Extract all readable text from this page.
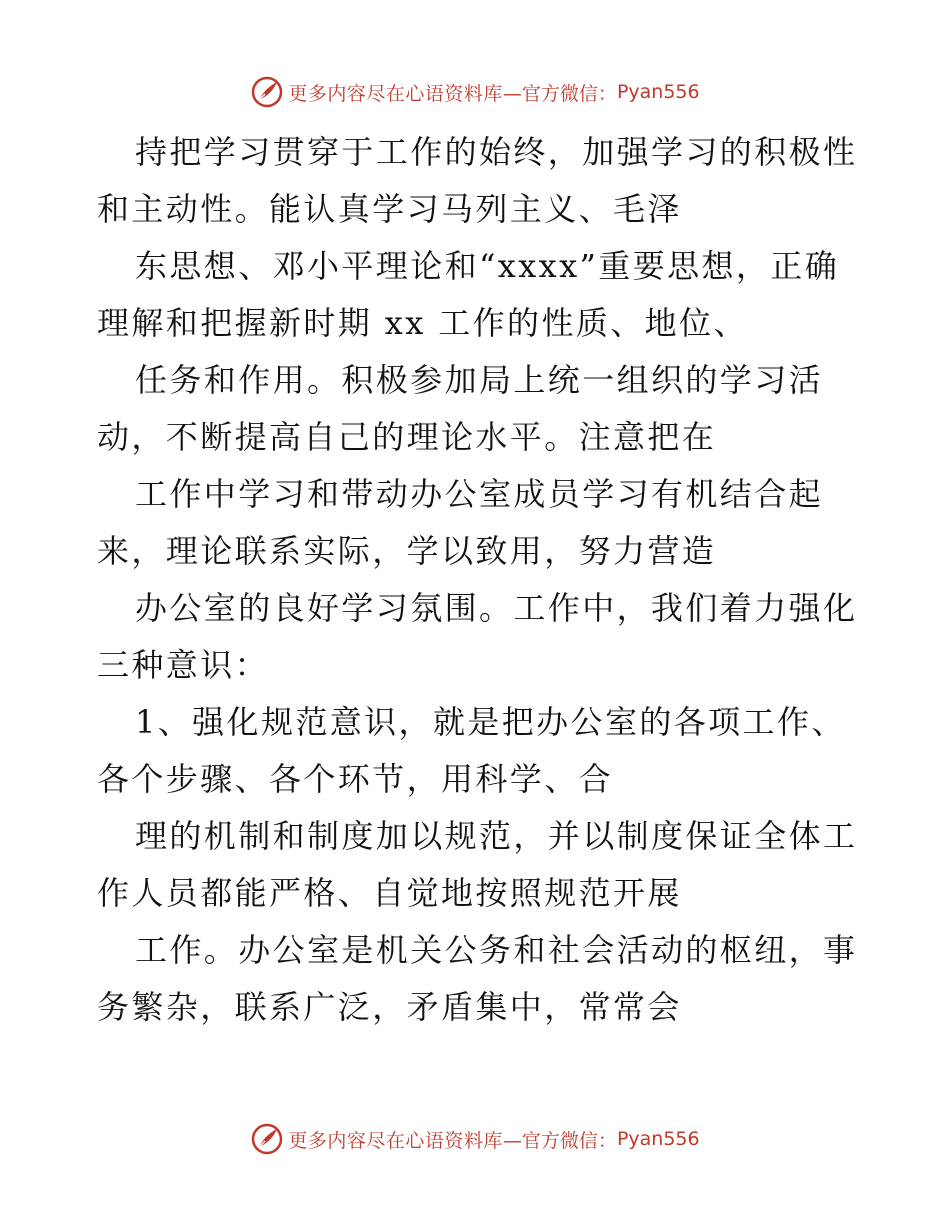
更多内容尽在心语资料库 —官方微信： Pyan556
持把学习贯穿于工作的始终，加强学习的积极性
和主动性。能认真学习马列主义、毛泽
东思想、邓小平理论和“xxxx”重要思想，正确
理解和把握新时期 xx 工作的性质、地位、
任务和作用。积极参加局上统一组织的学习活
动，不断提高自己的理论水平。注意把在
工作中学习和带动办公室成员学习有机结合起
来，理论联系实际，学以致用，努力营造
办公室的良好学习氛围。工作中，我们着力强化
三种意识：
1、强化规范意识，就是把办公室的各项工作、
各个步骤、各个环节，用科学、合
理的机制和制度加以规范，并以制度保证全体工
作人员都能严格、自觉地按照规范开展
工作。办公室是机关公务和社会活动的枢纽，事
务繁杂，联系广泛，矛盾集中，常常会
更多内容尽在心语资料库 —官方微信： Pyan556
